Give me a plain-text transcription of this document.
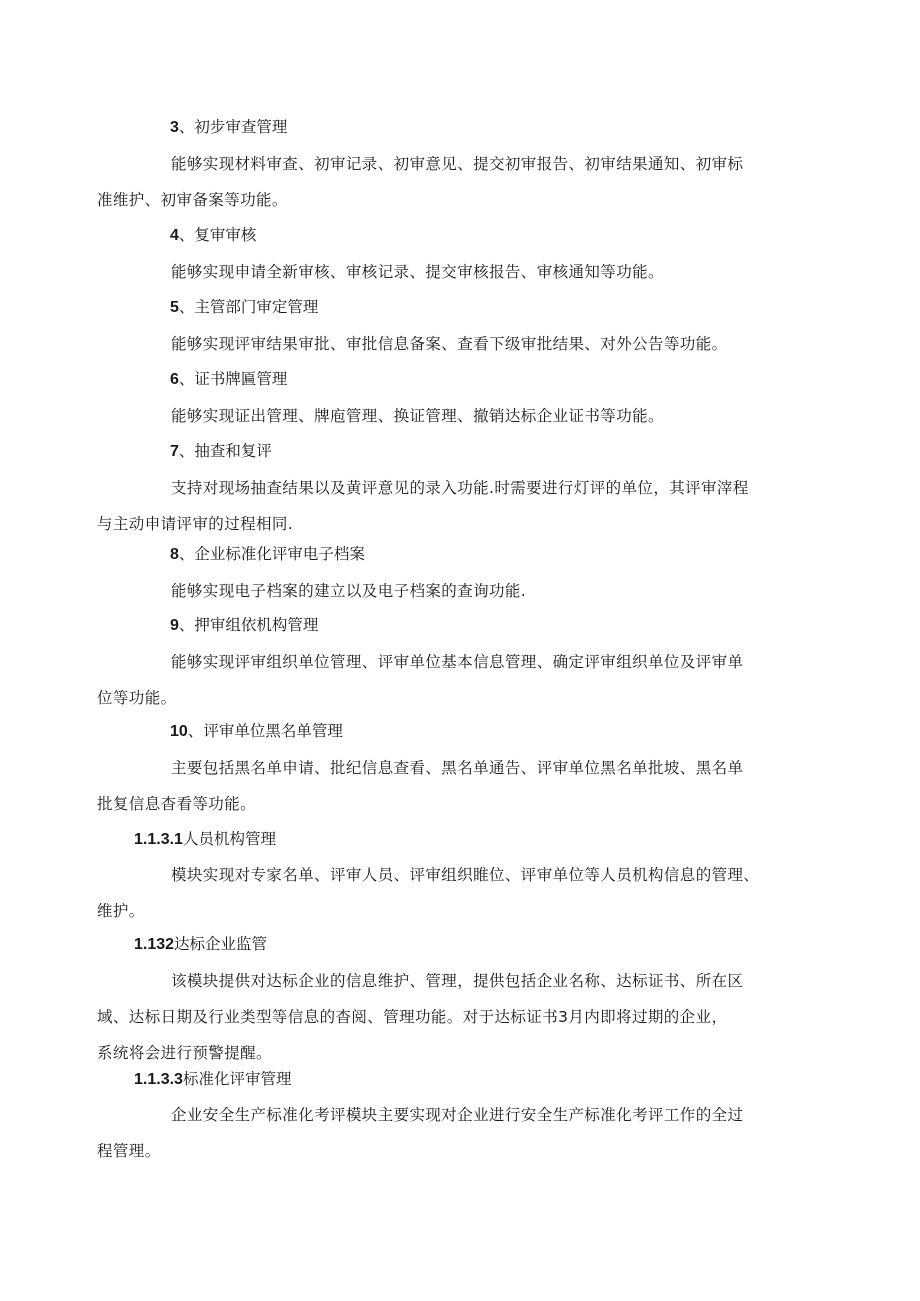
3、初步审查管理
能够实现材料审查、初审记录、初审意见、提交初审报告、初审结果通知、初审标
准维护、初审备案等功能。
4、复审审核
能够实现申请全新审核、审核记录、提交审核报告、审核通知等功能。
5、主管部门审定管理
能够实现评审结果审批、审批信息备案、查看下级审批结果、对外公告等功能。
6、证书牌匾管理
能够实现证出管理、牌庖管理、换证管理、撤销达标企业证书等功能。
7、抽查和复评
支持对现场抽查结果以及黄评意见的录入功能.时需要进行灯评的单位，其评审滓程
与主动申请评审的过程相同.
8、企业标准化评审电子档案
能够实现电子档案的建立以及电子档案的查询功能.
9、押审组依机构管理
能够实现评审组织单位管理、评审单位基本信息管理、确定评审组织单位及评审单
位等功能。
10、评审单位黑名单管理
主要包括黑名单申请、批纪信息查看、黑名单通告、评审单位黑名单批坡、黑名单
批复信息杳看等功能。
1.1.3.1人员机构管理
模块实现对专家名单、评审人员、评审组织睢位、评审单位等人员机构信息的管理、
维护。
1.132达标企业监管
该模块提供对达标企业的信息维护、管理，提供包括企业名称、达标证书、所在区
域、达标日期及行业类型等信息的杳阅、管理功能。对于达标证书3月内即将过期的企业，
系统将会进行预警提醒。
1.1.3.3标准化评审管理
企业安全生产标准化考评模块主要实现对企业进行安全生产标准化考评工作的全过
程管理。
